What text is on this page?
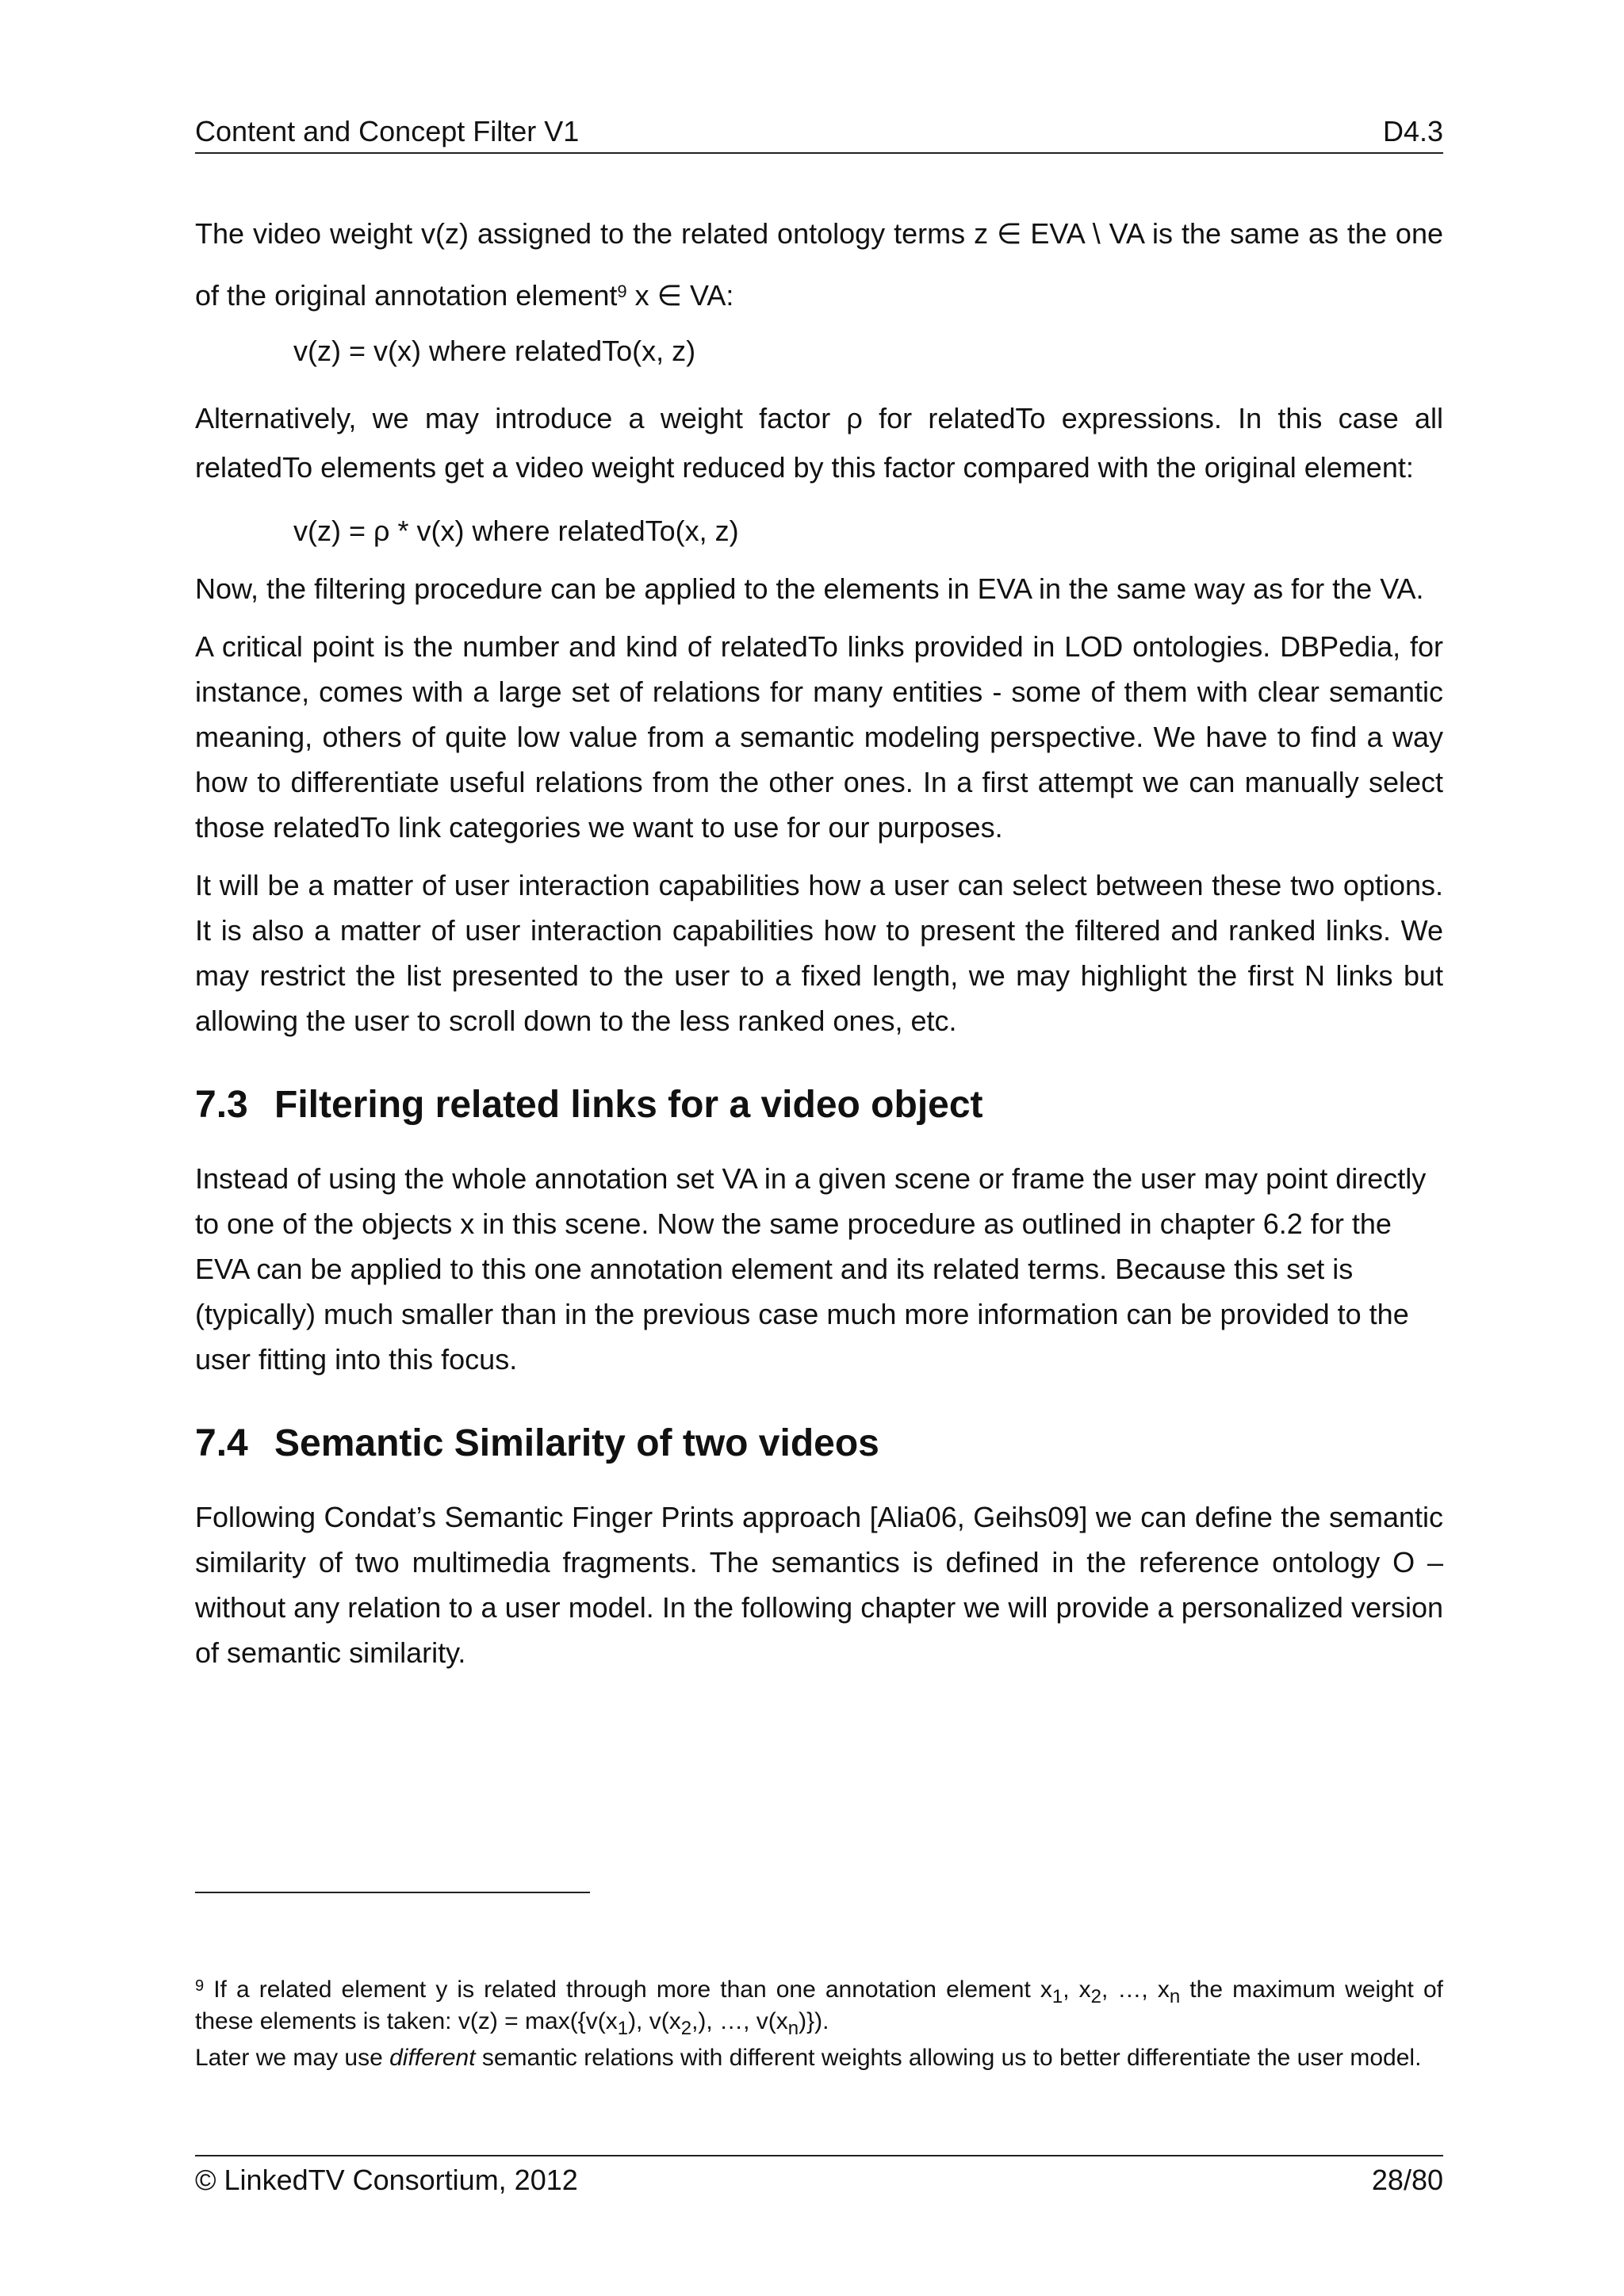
Content and Concept Filter V1	D4.3

The video weight v(z) assigned to the related ontology terms z ∈ EVA \ VA is the same as the one of the original annotation element$^9$ x ∈ VA:

v(z) = v(x) where relatedTo(x, z)

Alternatively, we may introduce a weight factor ρ for relatedTo expressions. In this case all relatedTo elements get a video weight reduced by this factor compared with the original element:

v(z) = ρ * v(x) where relatedTo(x, z)

Now, the filtering procedure can be applied to the elements in EVA in the same way as for the VA.

A critical point is the number and kind of relatedTo links provided in LOD ontologies. DBPedia, for instance, comes with a large set of relations for many entities - some of them with clear semantic meaning, others of quite low value from a semantic modeling perspective. We have to find a way how to differentiate useful relations from the other ones. In a first attempt we can manually select those relatedTo link categories we want to use for our purposes.

It will be a matter of user interaction capabilities how a user can select between these two options. It is also a matter of user interaction capabilities how to present the filtered and ranked links. We may restrict the list presented to the user to a fixed length, we may highlight the first N links but allowing the user to scroll down to the less ranked ones, etc.

7.3 Filtering related links for a video object

Instead of using the whole annotation set VA in a given scene or frame the user may point directly to one of the objects x in this scene. Now the same procedure as outlined in chapter 6.2 for the EVA can be applied to this one annotation element and its related terms. Because this set is (typically) much smaller than in the previous case much more information can be provided to the user fitting into this focus.

7.4 Semantic Similarity of two videos

Following Condat’s Semantic Finger Prints approach [Alia06, Geihs09] we can define the semantic similarity of two multimedia fragments. The semantics is defined in the reference ontology O – without any relation to a user model. In the following chapter we will provide a personalized version of semantic similarity.

$^9$ If a related element y is related through more than one annotation element $x_1$, $x_2$, …, $x_n$ the maximum weight of these elements is taken: $v(z) = \max(\{v(x_1)$, $v(x_2,)$, …, $v(x_n)$}).

Later we may use different semantic relations with different weights allowing us to better differentiate the user model.

© LinkedTV Consortium, 2012	28/80
